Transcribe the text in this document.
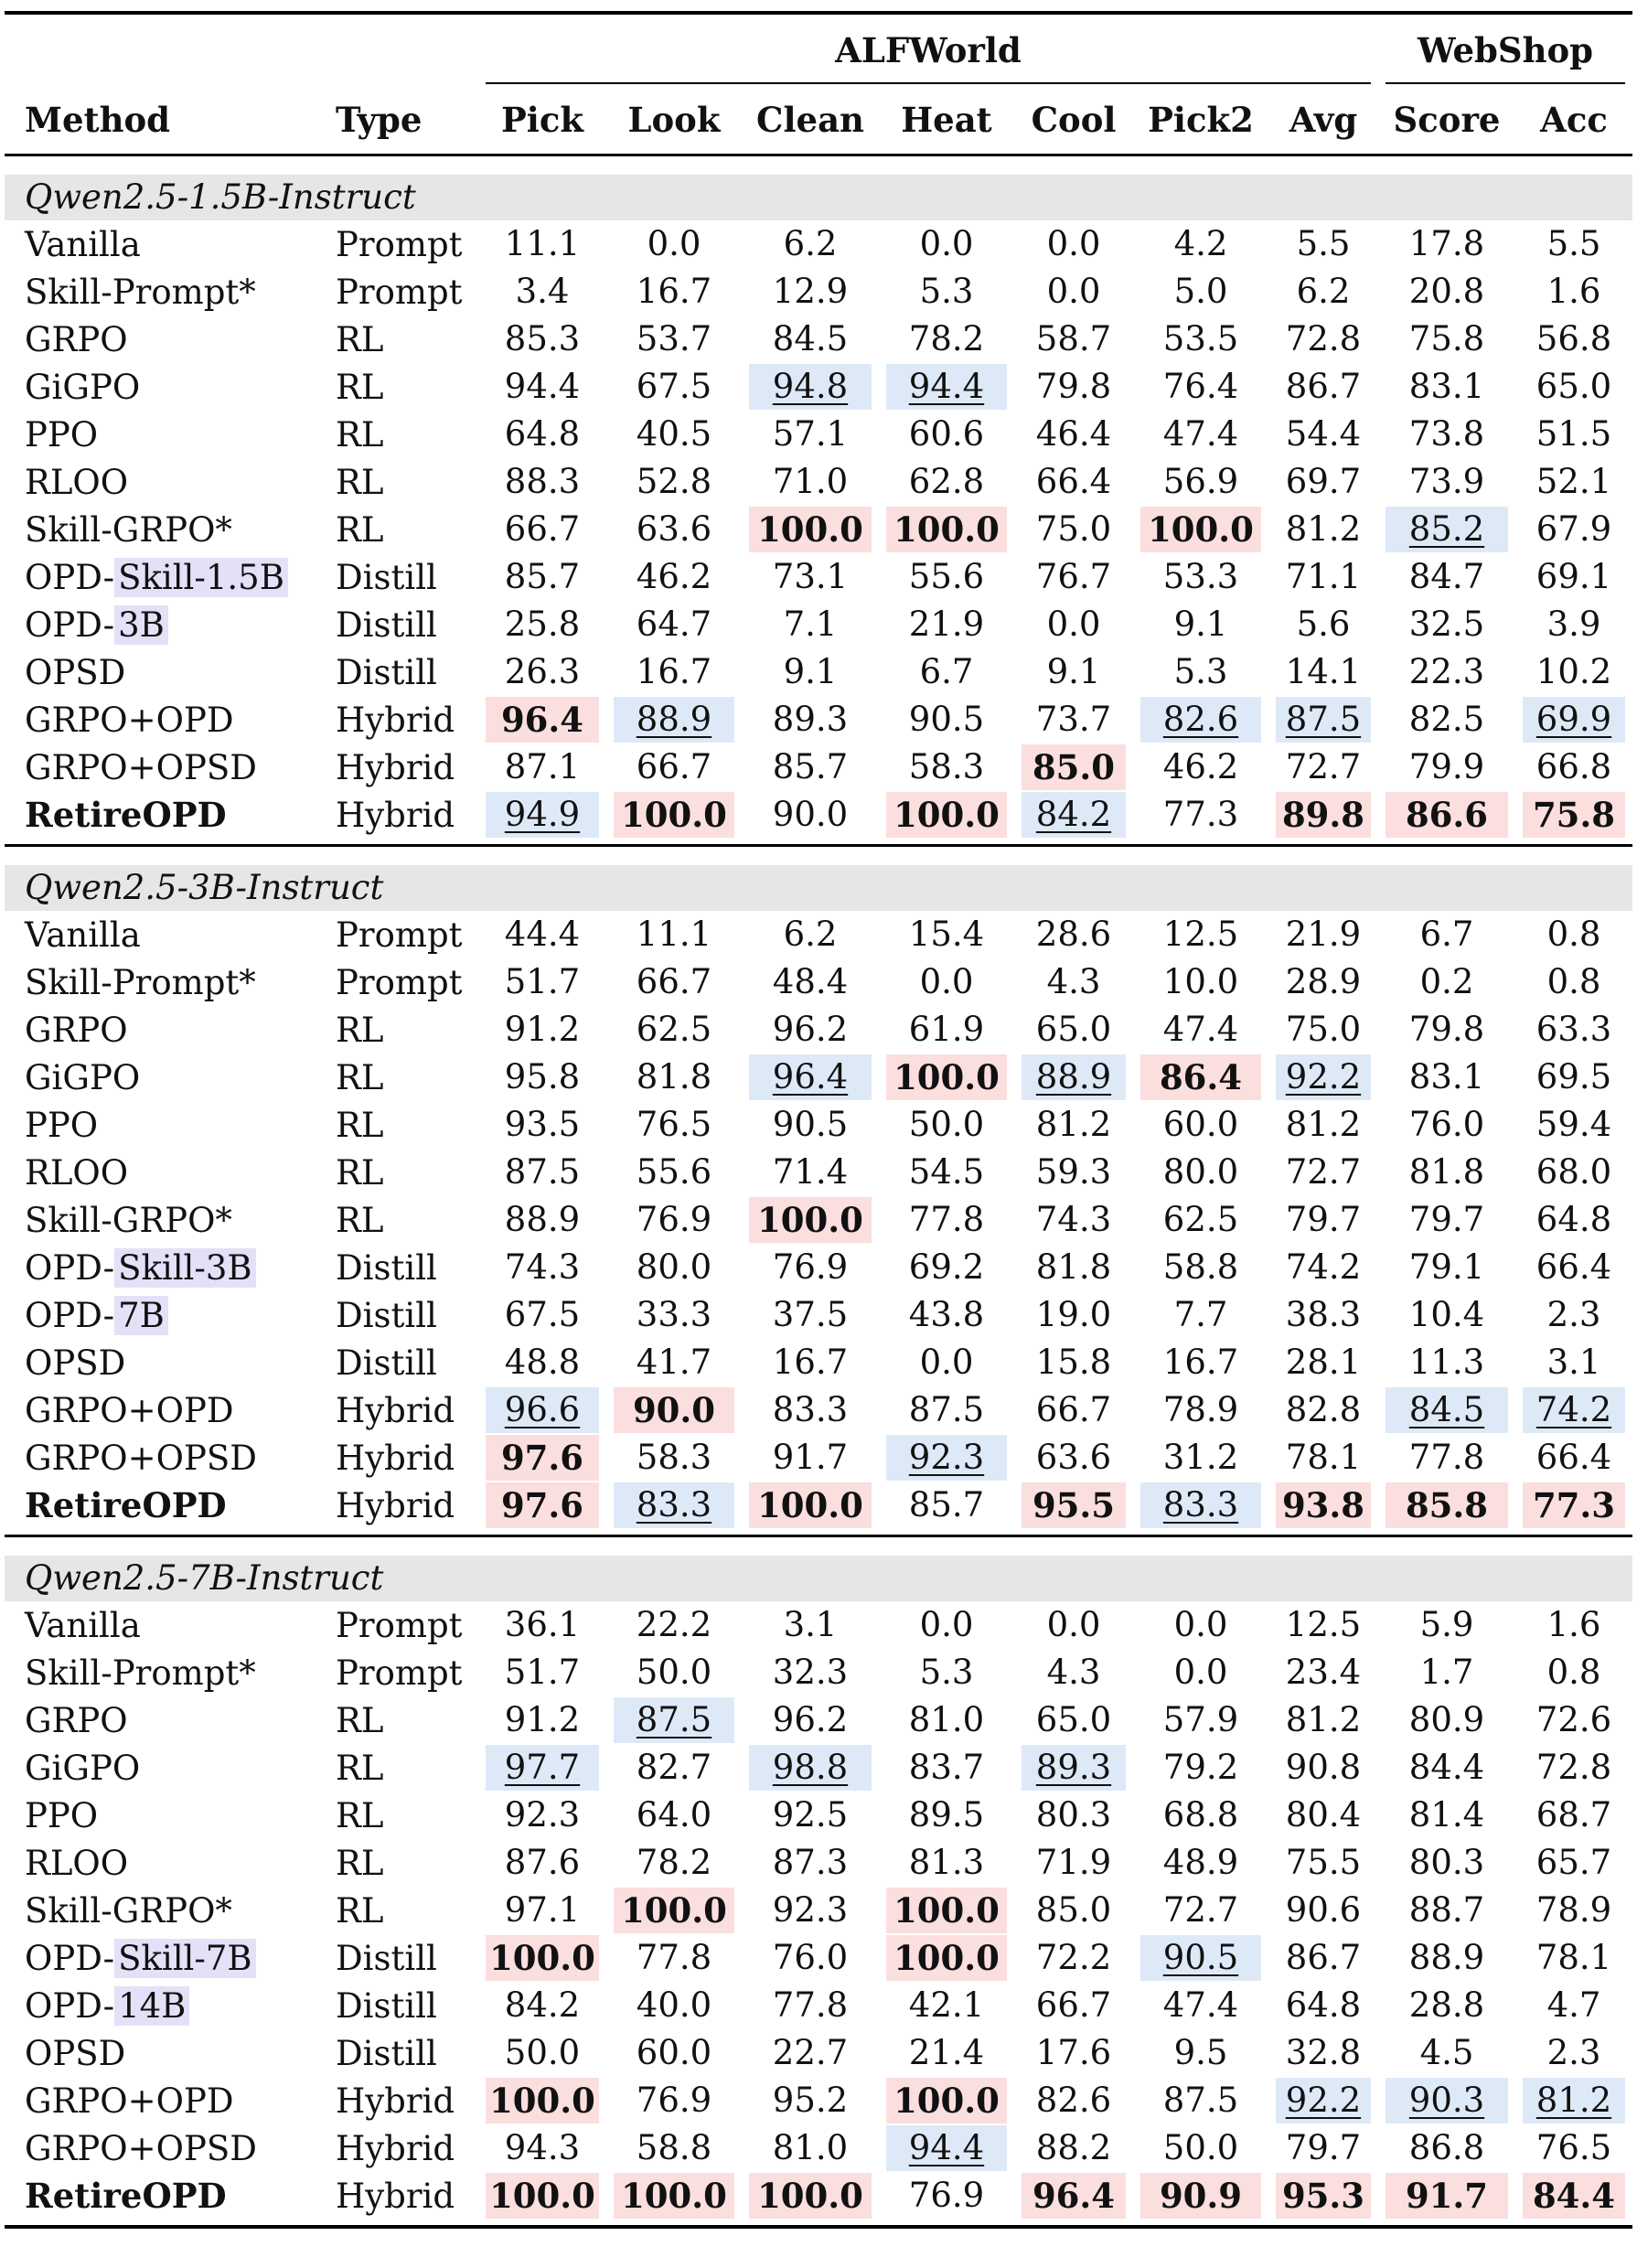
		ALFWorld							WebShop	

Method	Type	Pick	Look	Clean	Heat	Cool	Pick2	Avg	Score	Acc

Qwen2.5-1.5B-Instruct										

Vanilla	Prompt	11.1	0.0	6.2	0.0	0.0	4.2	5.5	17.8	5.5

Skill-Prompt*	Prompt	3.4	16.7	12.9	5.3	0.0	5.0	6.2	20.8	1.6

GRPO	RL	85.3	53.7	84.5	78.2	58.7	53.5	72.8	75.8	56.8

GiGPO	RL	94.4	67.5	94.8	94.4	79.8	76.4	86.7	83.1	65.0

PPO	RL	64.8	40.5	57.1	60.6	46.4	47.4	54.4	73.8	51.5

RLOO	RL	88.3	52.8	71.0	62.8	66.4	56.9	69.7	73.9	52.1

Skill-GRPO*	RL	66.7	63.6	100.0	100.0	75.0	100.0	81.2	85.2	67.9

OPD- Skill-1.5B	Distill	85.7	46.2	73.1	55.6	76.7	53.3	71.1	84.7	69.1

OPD- 3B	Distill	25.8	64.7	7.1	21.9	0.0	9.1	5.6	32.5	3.9

OPSD	Distill	26.3	16.7	9.1	6.7	9.1	5.3	14.1	22.3	10.2

GRPO+OPD	Hybrid	96.4	88.9	89.3	90.5	73.7	82.6	87.5	82.5	69.9

GRPO+OPSD	Hybrid	87.1	66.7	85.7	58.3	85.0	46.2	72.7	79.9	66.8

RetireOPD	Hybrid	94.9	100.0	90.0	100.0	84.2	77.3	89.8	86.6	75.8

Qwen2.5-3B-Instruct										

Vanilla	Prompt	44.4	11.1	6.2	15.4	28.6	12.5	21.9	6.7	0.8

Skill-Prompt*	Prompt	51.7	66.7	48.4	0.0	4.3	10.0	28.9	0.2	0.8

GRPO	RL	91.2	62.5	96.2	61.9	65.0	47.4	75.0	79.8	63.3

GiGPO	RL	95.8	81.8	96.4	100.0	88.9	86.4	92.2	83.1	69.5

PPO	RL	93.5	76.5	90.5	50.0	81.2	60.0	81.2	76.0	59.4

RLOO	RL	87.5	55.6	71.4	54.5	59.3	80.0	72.7	81.8	68.0

Skill-GRPO*	RL	88.9	76.9	100.0	77.8	74.3	62.5	79.7	79.7	64.8

OPD- Skill-3B	Distill	74.3	80.0	76.9	69.2	81.8	58.8	74.2	79.1	66.4

OPD- 7B	Distill	67.5	33.3	37.5	43.8	19.0	7.7	38.3	10.4	2.3

OPSD	Distill	48.8	41.7	16.7	0.0	15.8	16.7	28.1	11.3	3.1

GRPO+OPD	Hybrid	96.6	90.0	83.3	87.5	66.7	78.9	82.8	84.5	74.2

GRPO+OPSD	Hybrid	97.6	58.3	91.7	92.3	63.6	31.2	78.1	77.8	66.4

RetireOPD	Hybrid	97.6	83.3	100.0	85.7	95.5	83.3	93.8	85.8	77.3

Qwen2.5-7B-Instruct										

Vanilla	Prompt	36.1	22.2	3.1	0.0	0.0	0.0	12.5	5.9	1.6

Skill-Prompt*	Prompt	51.7	50.0	32.3	5.3	4.3	0.0	23.4	1.7	0.8

GRPO	RL	91.2	87.5	96.2	81.0	65.0	57.9	81.2	80.9	72.6

GiGPO	RL	97.7	82.7	98.8	83.7	89.3	79.2	90.8	84.4	72.8

PPO	RL	92.3	64.0	92.5	89.5	80.3	68.8	80.4	81.4	68.7

RLOO	RL	87.6	78.2	87.3	81.3	71.9	48.9	75.5	80.3	65.7

Skill-GRPO*	RL	97.1	100.0	92.3	100.0	85.0	72.7	90.6	88.7	78.9

OPD- Skill-7B	Distill	100.0	77.8	76.0	100.0	72.2	90.5	86.7	88.9	78.1

OPD- 14B	Distill	84.2	40.0	77.8	42.1	66.7	47.4	64.8	28.8	4.7

OPSD	Distill	50.0	60.0	22.7	21.4	17.6	9.5	32.8	4.5	2.3

GRPO+OPD	Hybrid	100.0	76.9	95.2	100.0	82.6	87.5	92.2	90.3	81.2

GRPO+OPSD	Hybrid	94.3	58.8	81.0	94.4	88.2	50.0	79.7	86.8	76.5

RetireOPD	Hybrid	100.0	100.0	100.0	76.9	96.4	90.9	95.3	91.7	84.4
